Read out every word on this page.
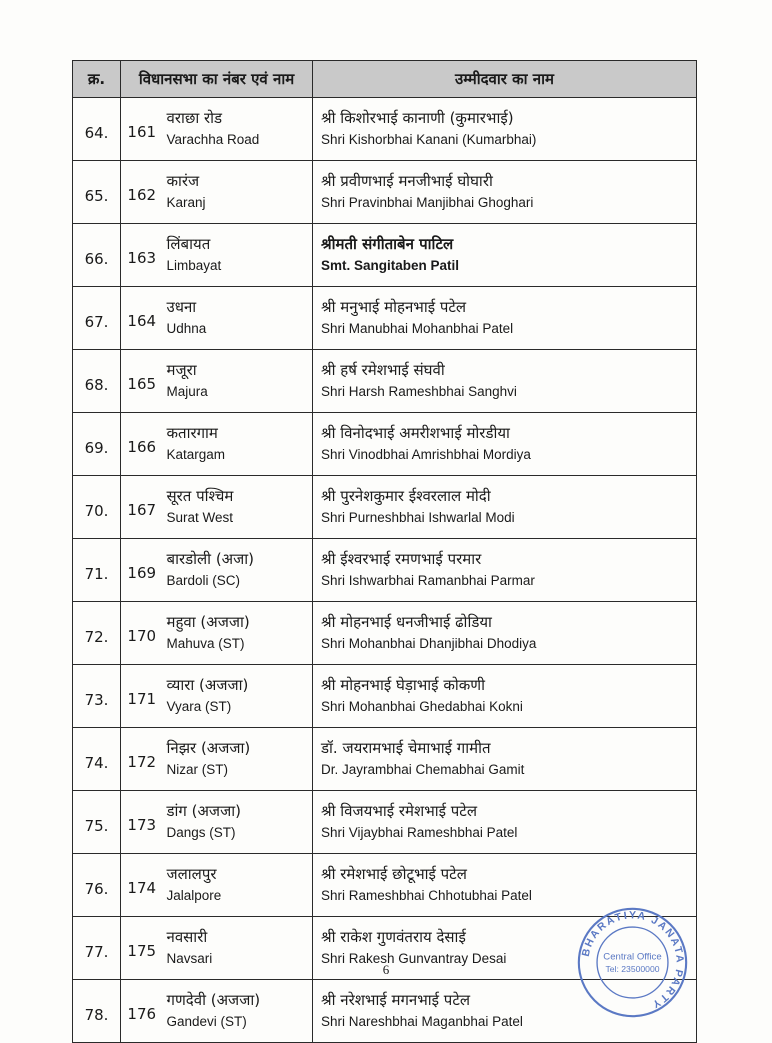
क्र.	विधानसभा का नंबर एवं नाम		उम्मीदवार का नाम
64.	161	वराछा रोड
Varachha Road	श्री किशोरभाई कानाणी (कुमारभाई)
Shri Kishorbhai Kanani (Kumarbhai)

65.	162	कारंज
Karanj	श्री प्रवीणभाई मनजीभाई घोघारी
Shri Pravinbhai Manjibhai Ghoghari

66.	163	लिंबायत
Limbayat	श्रीमती संगीताबेन पाटिल
Smt. Sangitaben Patil

67.	164	उधना
Udhna	श्री मनुभाई मोहनभाई पटेल
Shri Manubhai Mohanbhai Patel

68.	165	मजूरा
Majura	श्री हर्ष रमेशभाई संघवी
Shri Harsh Rameshbhai Sanghvi

69.	166	कतारगाम
Katargam	श्री विनोदभाई अमरीशभाई मोरडीया
Shri Vinodbhai Amrishbhai Mordiya

70.	167	सूरत पश्चिम
Surat West	श्री पुरनेशकुमार ईश्वरलाल मोदी
Shri Purneshbhai Ishwarlal Modi

71.	169	बारडोली (अजा)
Bardoli (SC)	श्री ईश्वरभाई रमणभाई परमार
Shri Ishwarbhai Ramanbhai Parmar

72.	170	महुवा (अजजा)
Mahuva (ST)	श्री मोहनभाई धनजीभाई ढोडिया
Shri Mohanbhai Dhanjibhai Dhodiya

73.	171	व्यारा (अजजा)
Vyara (ST)	श्री मोहनभाई घेड़ाभाई कोकणी
Shri Mohanbhai Ghedabhai Kokni

74.	172	निझर (अजजा)
Nizar (ST)	डॉ. जयरामभाई चेमाभाई गामीत
Dr. Jayrambhai Chemabhai Gamit

75.	173	डांग (अजजा)
Dangs (ST)	श्री विजयभाई रमेशभाई पटेल
Shri Vijaybhai Rameshbhai Patel

76.	174	जलालपुर
Jalalpore	श्री रमेशभाई छोटूभाई पटेल
Shri Rameshbhai Chhotubhai Patel

77.	175	नवसारी
Navsari	श्री राकेश गुणवंतराय देसाई
Shri Rakesh Gunvantray Desai

78.	176	गणदेवी (अजजा)
Gandevi (ST)	श्री नरेशभाई मगनभाई पटेल
Shri Nareshbhai Maganbhai Patel
6
BHARATIYA JANATA PARTY
Central Office
Tel: 23500000
